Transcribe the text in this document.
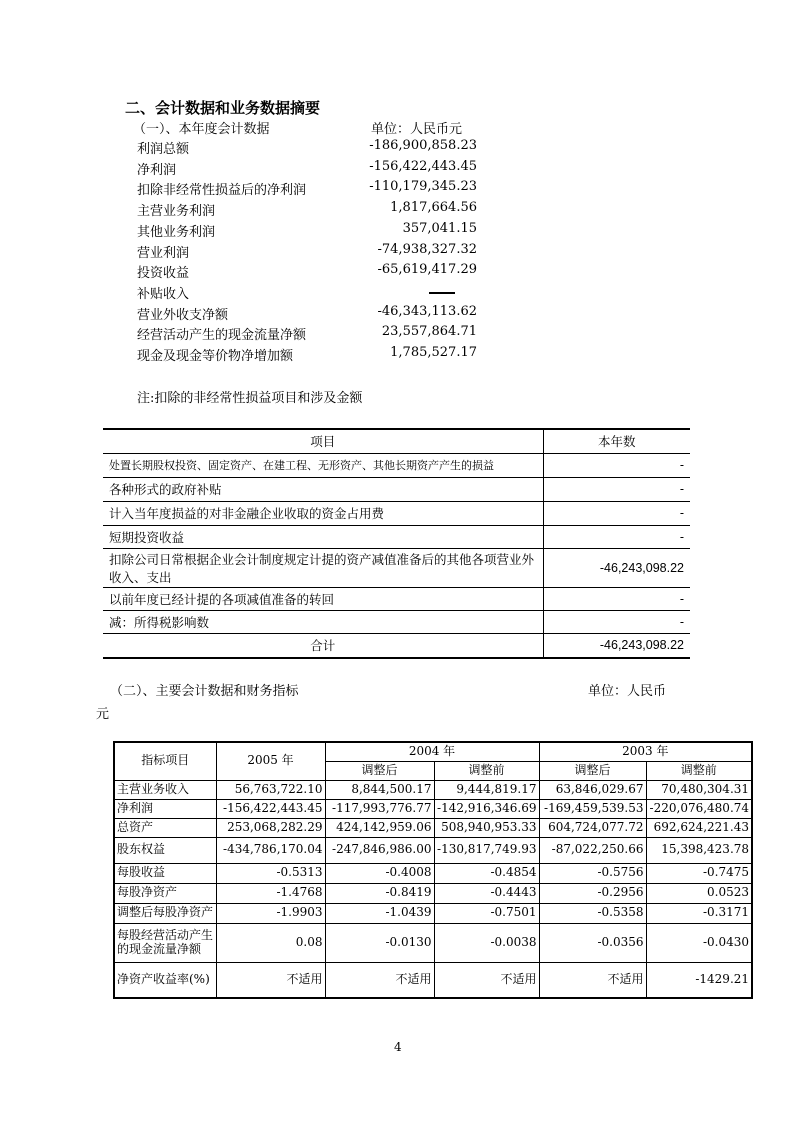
二、会计数据和业务数据摘要
（一）、本年度会计数据	单位：人民币元
利润总额	-186,900,858.23
净利润	-156,422,443.45
扣除非经常性损益后的净利润	-110,179,345.23
主营业务利润	1,817,664.56
其他业务利润	357,041.15
营业利润	-74,938,327.32
投资收益	-65,619,417.29
补贴收入
营业外收支净额	-46,343,113.62
经营活动产生的现金流量净额	23,557,864.71
现金及现金等价物净增加额	1,785,527.17
注:扣除的非经常性损益项目和涉及金额
项目	本年数
处置长期股权投资、固定资产、在建工程、无形资产、其他长期资产产生的损益	-
各种形式的政府补贴	-
计入当年度损益的对非金融企业收取的资金占用费	-
短期投资收益	-
扣除公司日常根据企业会计制度规定计提的资产减值准备后的其他各项营业外收入、支出	-46,243,098.22
以前年度已经计提的各项减值准备的转回	-
减：所得税影响数	-
合计	-46,243,098.22
（二）、主要会计数据和财务指标	单位：人民币
元
指标项目	2005 年	2004 年		2003 年	
		调整后	调整前	调整后	调整前
主营业务收入	56,763,722.10	8,844,500.17	9,444,819.17	63,846,029.67	70,480,304.31
净利润	-156,422,443.45	-117,993,776.77	-142,916,346.69	-169,459,539.53	-220,076,480.74
总资产	253,068,282.29	424,142,959.06	508,940,953.33	604,724,077.72	692,624,221.43
股东权益	-434,786,170.04	-247,846,986.00	-130,817,749.93	-87,022,250.66	15,398,423.78
每股收益	-0.5313	-0.4008	-0.4854	-0.5756	-0.7475
每股净资产	-1.4768	-0.8419	-0.4443	-0.2956	0.0523
调整后每股净资产	-1.9903	-1.0439	-0.7501	-0.5358	-0.3171
每股经营活动产生的现金流量净额	0.08	-0.0130	-0.0038	-0.0356	-0.0430
净资产收益率(%)	不适用	不适用	不适用	不适用	-1429.21
4
